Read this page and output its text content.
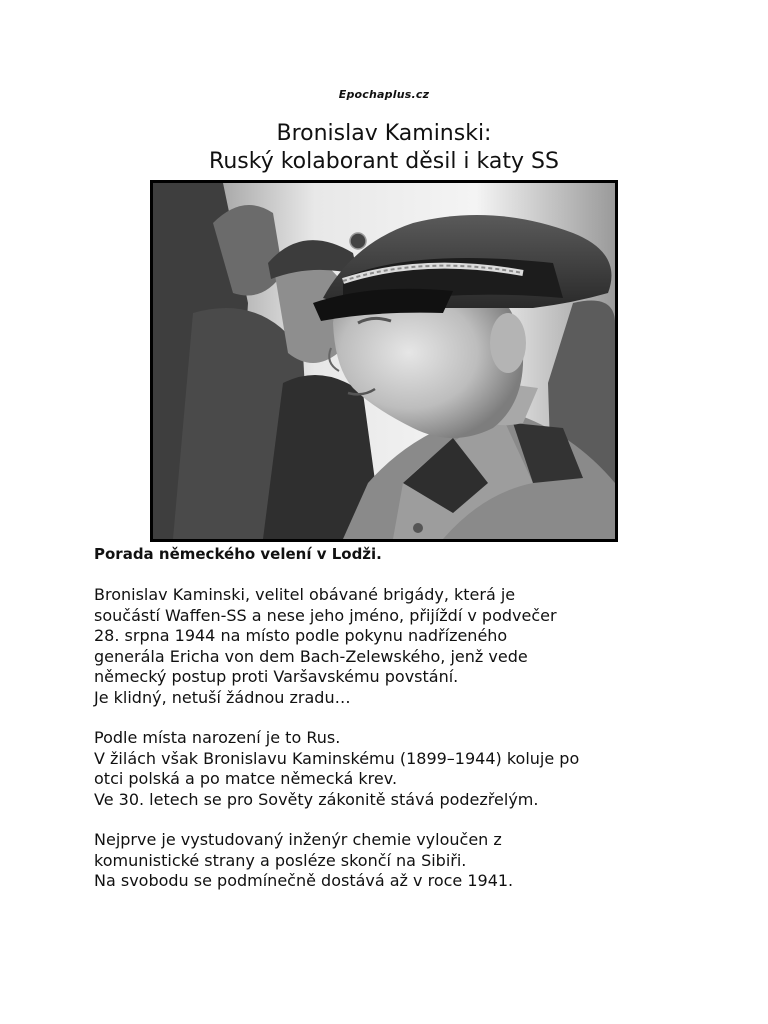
Epochaplus.cz
Bronislav Kaminski:
Ruský kolaborant děsil i katy SS

Porada německého velení v Lodži.

Bronislav Kaminski, velitel obávané brigády, která je
součástí Waffen-SS a nese jeho jméno, přijíždí v podvečer
28. srpna 1944 na místo podle pokynu nadřízeného
generála Ericha von dem Bach-Zelewského, jenž vede
německý postup proti Varšavskému povstání.
Je klidný, netuší žádnou zradu…

Podle místa narození je to Rus.
V žilách však Bronislavu Kaminskému (1899–1944) koluje po
otci polská a po matce německá krev.
Ve 30. letech se pro Sověty zákonitě stává podezřelým.

Nejprve je vystudovaný inženýr chemie vyloučen z
komunistické strany a posléze skončí na Sibiři.
Na svobodu se podmínečně dostává až v roce 1941.
